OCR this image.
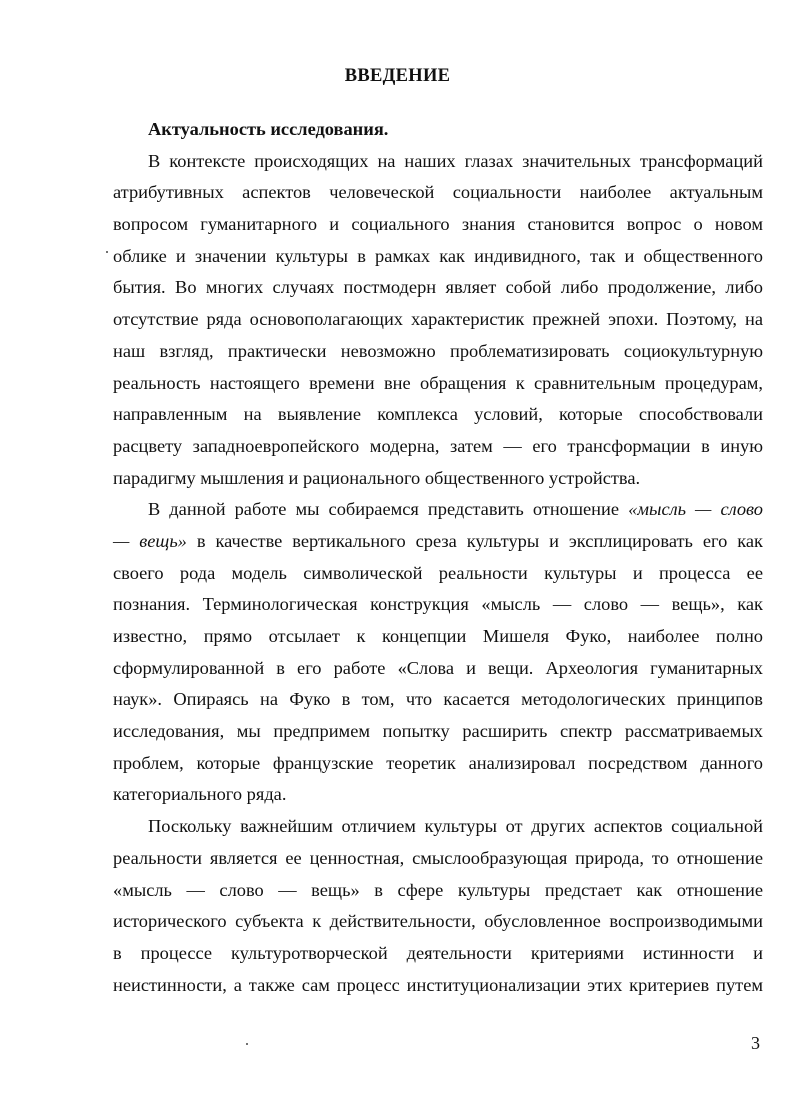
ВВЕДЕНИЕ
Актуальность исследования.
В контексте происходящих на наших глазах значительных трансформаций
атрибутивных аспектов человеческой социальности наиболее актуальным
вопросом гуманитарного и социального знания становится вопрос о новом
облике и значении культуры в рамках как индивидного, так и общественного
бытия. Во многих случаях постмодерн являет собой либо продолжение, либо
отсутствие ряда основополагающих характеристик прежней эпохи. Поэтому, на
наш взгляд, практически невозможно проблематизировать социокультурную
реальность настоящего времени вне обращения к сравнительным процедурам,
направленным на выявление комплекса условий, которые способствовали
расцвету западноевропейского модерна, затем — его трансформации в иную
парадигму мышления и рационального общественного устройства.
В данной работе мы собираемся представить отношение «мысль — слово
— вещь» в качестве вертикального среза культуры и эксплицировать его как
своего рода модель символической реальности культуры и процесса ее
познания. Терминологическая конструкция «мысль — слово — вещь», как
известно, прямо отсылает к концепции Мишеля Фуко, наиболее полно
сформулированной в его работе «Слова и вещи. Археология гуманитарных
наук». Опираясь на Фуко в том, что касается методологических принципов
исследования, мы предпримем попытку расширить спектр рассматриваемых
проблем, которые французские теоретик анализировал посредством данного
категориального ряда.
Поскольку важнейшим отличием культуры от других аспектов социальной
реальности является ее ценностная, смыслообразующая природа, то отношение
«мысль — слово — вещь» в сфере культуры предстает как отношение
исторического субъекта к действительности, обусловленное воспроизводимыми
в процессе культуротворческой деятельности критериями истинности и
неистинности, а также сам процесс институционализации этих критериев путем
3
